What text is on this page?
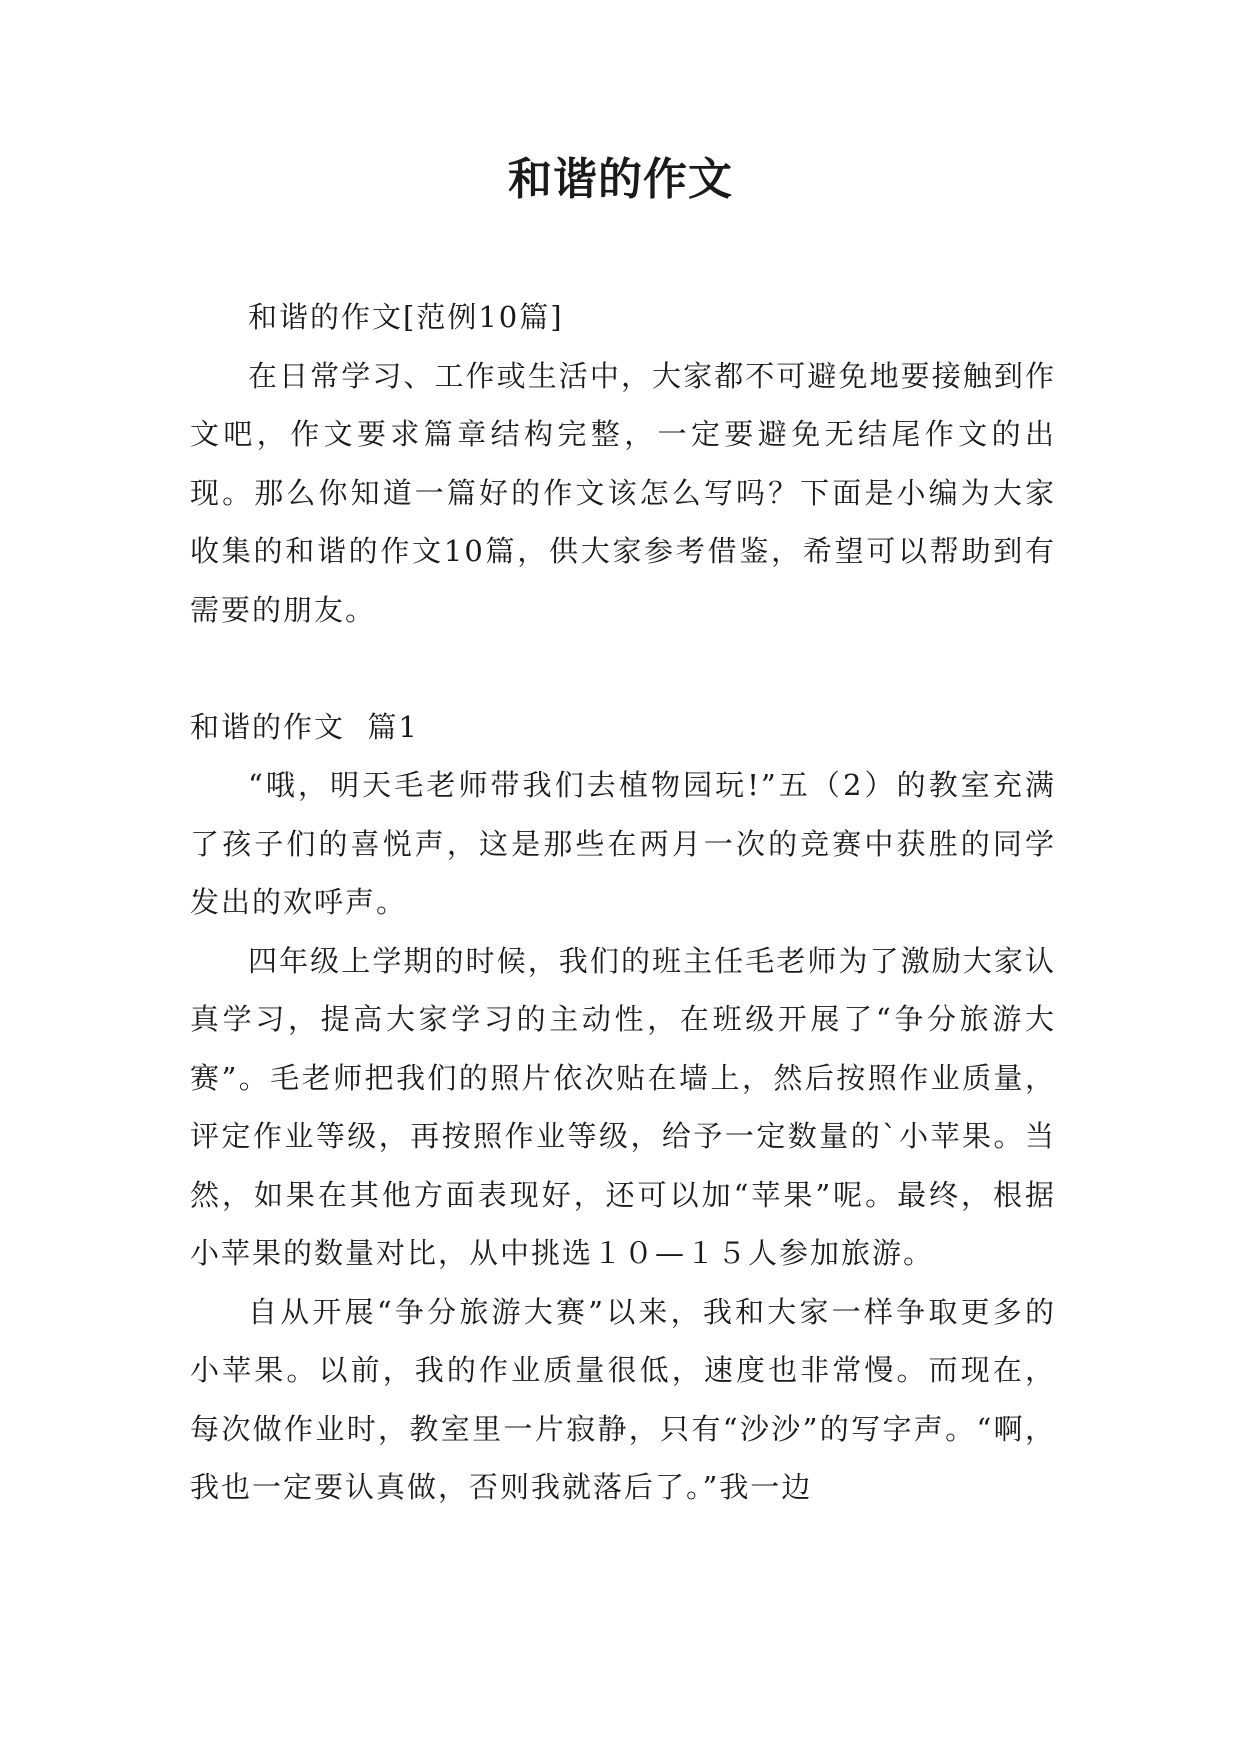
和谐的作文

和谐的作文[范例10篇]

在日常学习、工作或生活中，大家都不可避免地要接触到作文吧，作文要求篇章结构完整，一定要避免无结尾作文的出现。那么你知道一篇好的作文该怎么写吗？下面是小编为大家收集的和谐的作文10篇，供大家参考借鉴，希望可以帮助到有需要的朋友。

和谐的作文  篇1

“哦，明天毛老师带我们去植物园玩!”五（2）的教室充满了孩子们的喜悦声，这是那些在两月一次的竞赛中获胜的同学发出的欢呼声。

四年级上学期的时候，我们的班主任毛老师为了激励大家认真学习，提高大家学习的主动性，在班级开展了“争分旅游大赛”。毛老师把我们的照片依次贴在墙上，然后按照作业质量，评定作业等级，再按照作业等级，给予一定数量的`小苹果。当然，如果在其他方面表现好，还可以加“苹果”呢。最终，根据小苹果的数量对比，从中挑选１０—１５人参加旅游。

自从开展“争分旅游大赛”以来，我和大家一样争取更多的小苹果。以前，我的作业质量很低，速度也非常慢。而现在，每次做作业时，教室里一片寂静，只有“沙沙”的写字声。“啊，我也一定要认真做，否则我就落后了。”我一边
